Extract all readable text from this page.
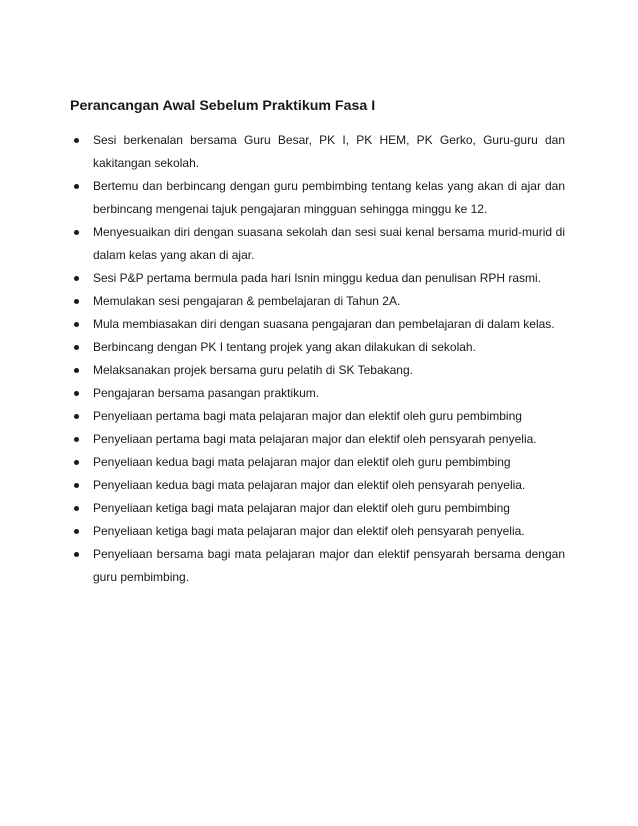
Perancangan Awal Sebelum Praktikum Fasa I
Sesi berkenalan bersama Guru Besar, PK I, PK HEM, PK Gerko, Guru-guru dan kakitangan sekolah.
Bertemu dan berbincang dengan guru pembimbing tentang kelas yang akan di ajar dan berbincang mengenai tajuk pengajaran mingguan sehingga minggu ke 12.
Menyesuaikan diri dengan suasana sekolah dan sesi suai kenal bersama murid-murid di dalam kelas yang akan di ajar.
Sesi P&P pertama bermula pada hari Isnin minggu kedua dan penulisan RPH rasmi.
Memulakan sesi pengajaran & pembelajaran di Tahun 2A.
Mula membiasakan diri dengan suasana pengajaran dan pembelajaran di dalam kelas.
Berbincang dengan PK I tentang projek yang akan dilakukan di sekolah.
Melaksanakan projek bersama guru pelatih di SK Tebakang.
Pengajaran bersama pasangan praktikum.
Penyeliaan pertama bagi mata pelajaran major dan elektif oleh guru pembimbing
Penyeliaan pertama bagi mata pelajaran major dan elektif oleh pensyarah penyelia.
Penyeliaan kedua bagi mata pelajaran major dan elektif oleh guru pembimbing
Penyeliaan kedua bagi mata pelajaran major dan elektif oleh pensyarah penyelia.
Penyeliaan ketiga bagi mata pelajaran major dan elektif oleh guru pembimbing
Penyeliaan ketiga bagi mata pelajaran major dan elektif oleh pensyarah penyelia.
Penyeliaan bersama bagi mata pelajaran major dan elektif pensyarah bersama dengan guru pembimbing.
